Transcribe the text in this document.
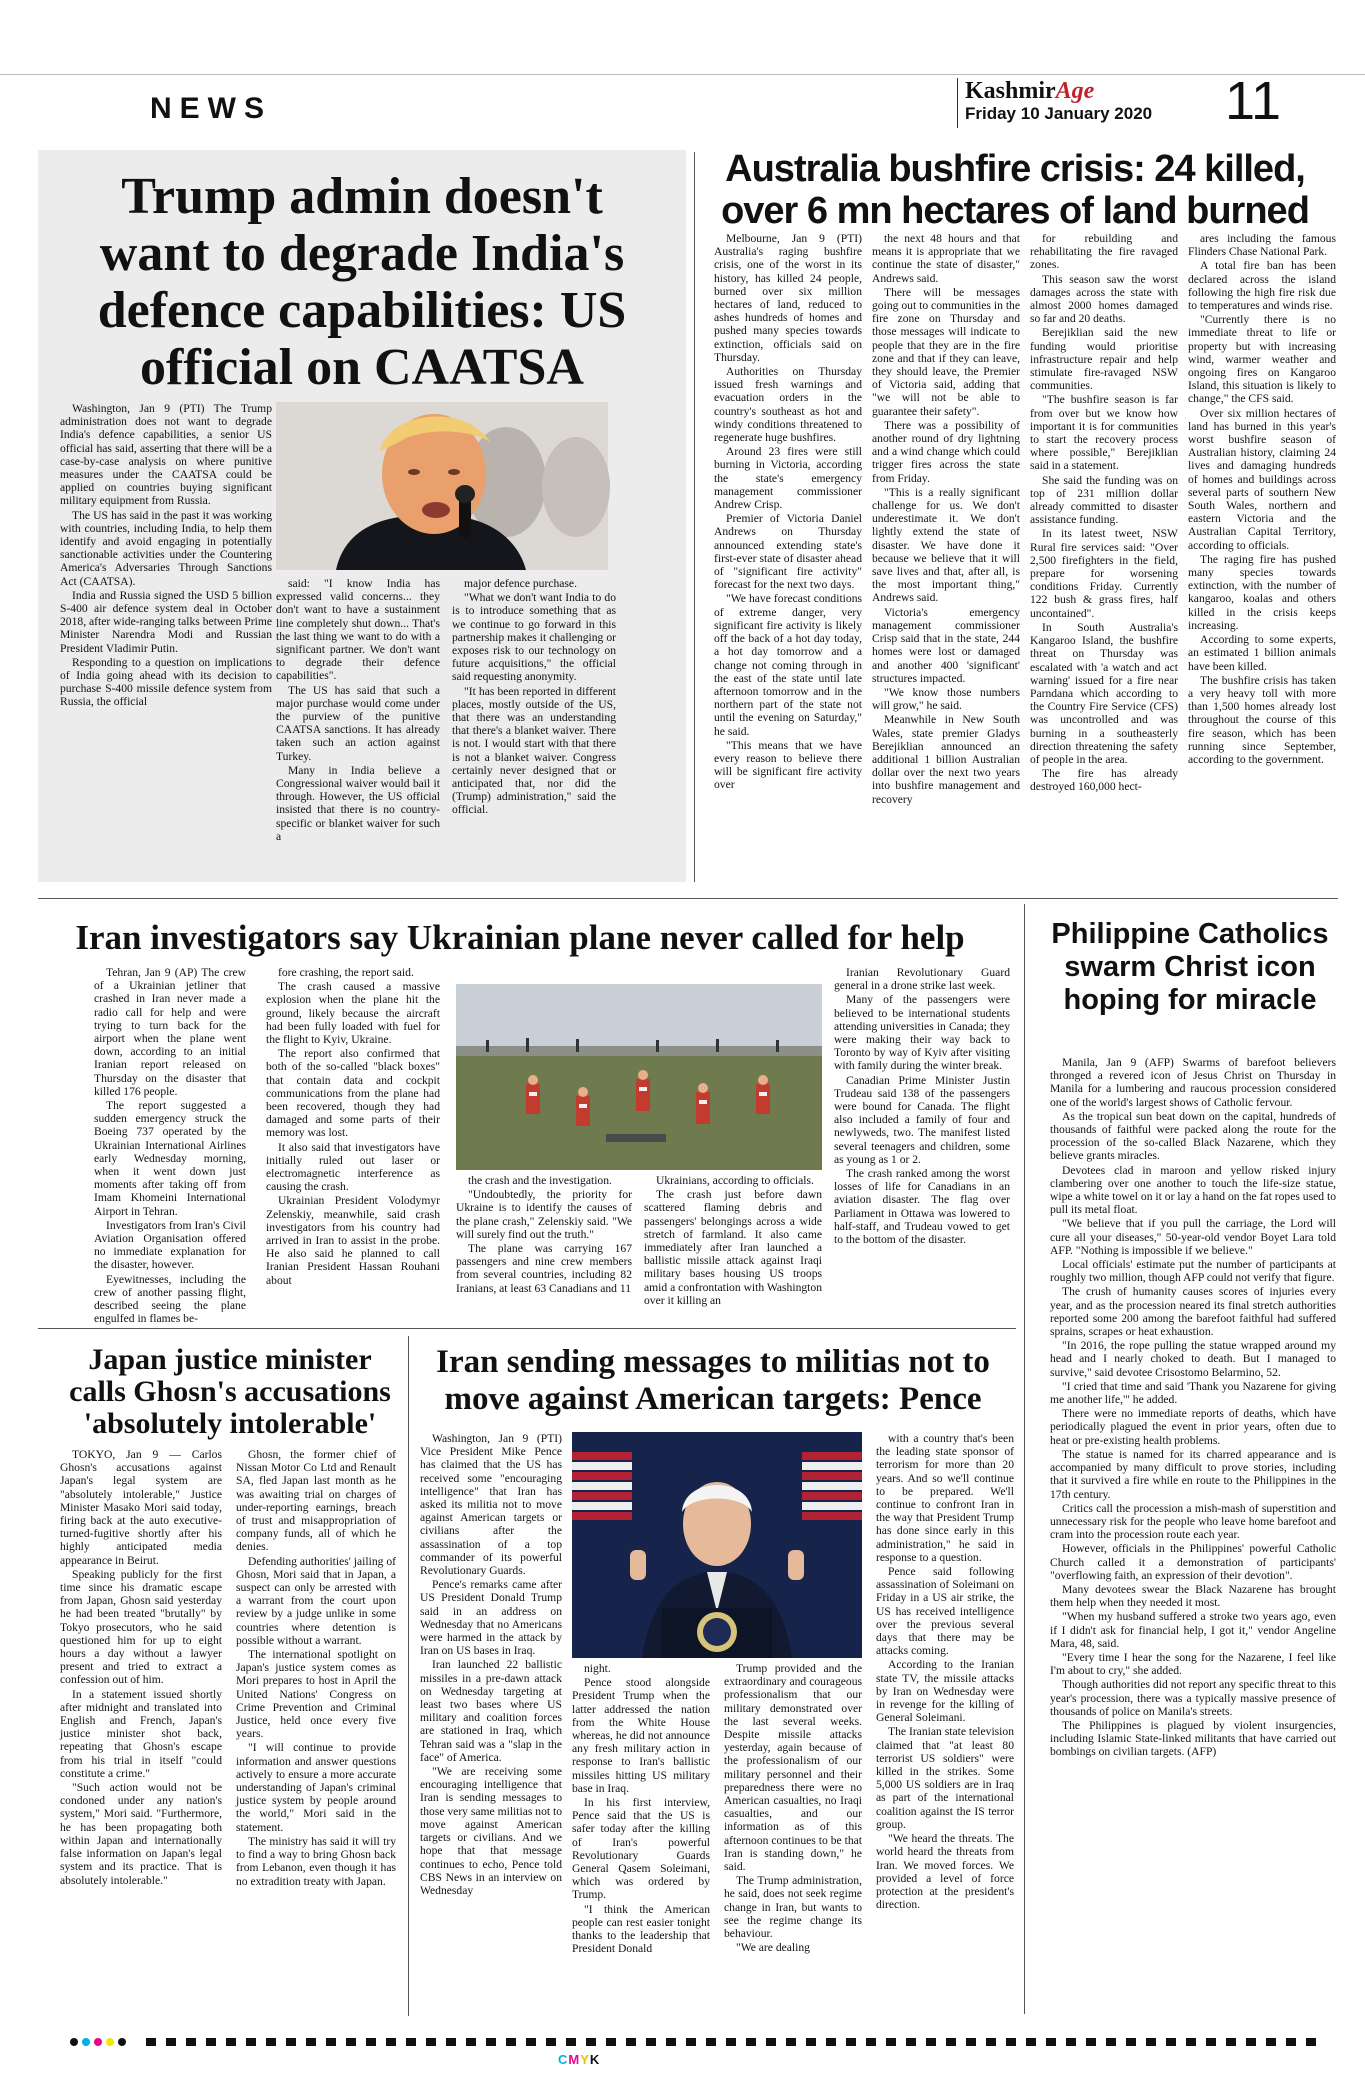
NEWS
KashmirAge
Friday 10 January 2020 11
Trump admin doesn't want to degrade India's defence capabilities: US official on CAATSA

Washington, Jan 9 (PTI) The Trump administration does not want to degrade India's defence capabilities, a senior US official has said, asserting that there will be a case-by-case analysis on where punitive measures under the CAATSA could be applied on countries buying significant military equipment from Russia.

The US has said in the past it was working with countries, including India, to help them identify and avoid engaging in potentially sanctionable activities under the Countering America's Adversaries Through Sanctions Act (CAATSA).

India and Russia signed the USD 5 billion S-400 air defence system deal in October 2018, after wide-ranging talks between Prime Minister Narendra Modi and Russian President Vladimir Putin.

Responding to a question on implications of India going ahead with its decision to purchase S-400 missile defence system from Russia, the official

said: "I know India has expressed valid concerns... they don't want to have a sustainment line completely shut down... That's the last thing we want to do with a significant partner. We don't want to degrade their defence capabilities".

The US has said that such a major purchase would come under the purview of the punitive CAATSA sanctions. It has already taken such an action against Turkey.

Many in India believe a Congressional waiver would bail it through. However, the US official insisted that there is no country-specific or blanket waiver for such a

major defence purchase.

"What we don't want India to do is to introduce something that as we continue to go forward in this partnership makes it challenging or exposes risk to our technology on future acquisitions," the official said requesting anonymity.

"It has been reported in different places, mostly outside of the US, that there was an understanding that there's a blanket waiver. There is not. I would start with that there is not a blanket waiver. Congress certainly never designed that or anticipated that, nor did the (Trump) administration," said the official.

Australia bushfire crisis: 24 killed, over 6 mn hectares of land burned

Melbourne, Jan 9 (PTI) Australia's raging bushfire crisis, one of the worst in its history, has killed 24 people, burned over six million hectares of land, reduced to ashes hundreds of homes and pushed many species towards extinction, officials said on Thursday.

Authorities on Thursday issued fresh warnings and evacuation orders in the country's southeast as hot and windy conditions threatened to regenerate huge bushfires.

Around 23 fires were still burning in Victoria, according the state's emergency management commissioner Andrew Crisp.

Premier of Victoria Daniel Andrews on Thursday announced extending state's first-ever state of disaster ahead of "significant fire activity" forecast for the next two days.

"We have forecast conditions of extreme danger, very significant fire activity is likely off the back of a hot day today, a hot day tomorrow and a change not coming through in the east of the state until late afternoon tomorrow and in the northern part of the state not until the evening on Saturday," he said.

"This means that we have every reason to believe there will be significant fire activity over

the next 48 hours and that means it is appropriate that we continue the state of disaster," Andrews said.

There will be messages going out to communities in the fire zone on Thursday and those messages will indicate to people that they are in the fire zone and that if they can leave, they should leave, the Premier of Victoria said, adding that "we will not be able to guarantee their safety".

There was a possibility of another round of dry lightning and a wind change which could trigger fires across the state from Friday.

"This is a really significant challenge for us. We don't underestimate it. We don't lightly extend the state of disaster. We have done it because we believe that it will save lives and that, after all, is the most important thing," Andrews said.

Victoria's emergency management commissioner Crisp said that in the state, 244 homes were lost or damaged and another 400 'significant' structures impacted.

"We know those numbers will grow," he said.

Meanwhile in New South Wales, state premier Gladys Berejiklian announced an additional 1 billion Australian dollar over the next two years into bushfire management and recovery

for rebuilding and rehabilitating the fire ravaged zones.

This season saw the worst damages across the state with almost 2000 homes damaged so far and 20 deaths.

Berejiklian said the new funding would prioritise infrastructure repair and help stimulate fire-ravaged NSW communities.

"The bushfire season is far from over but we know how important it is for communities to start the recovery process where possible," Berejiklian said in a statement.

She said the funding was on top of 231 million dollar already committed to disaster assistance funding.

In its latest tweet, NSW Rural fire services said: "Over 2,500 firefighters in the field, prepare for worsening conditions Friday. Currently 122 bush & grass fires, half uncontained".

In South Australia's Kangaroo Island, the bushfire threat on Thursday was escalated with 'a watch and act warning' issued for a fire near Parndana which according to the Country Fire Service (CFS) was uncontrolled and was burning in a southeasterly direction threatening the safety of people in the area.

The fire has already destroyed 160,000 hect-

ares including the famous Flinders Chase National Park.

A total fire ban has been declared across the island following the high fire risk due to temperatures and winds rise.

"Currently there is no immediate threat to life or property but with increasing wind, warmer weather and ongoing fires on Kangaroo Island, this situation is likely to change," the CFS said.

Over six million hectares of land has burned in this year's worst bushfire season of Australian history, claiming 24 lives and damaging hundreds of homes and buildings across several parts of southern New South Wales, northern and eastern Victoria and the Australian Capital Territory, according to officials.

The raging fire has pushed many species towards extinction, with the number of kangaroo, koalas and others killed in the crisis keeps increasing.

According to some experts, an estimated 1 billion animals have been killed.

The bushfire crisis has taken a very heavy toll with more than 1,500 homes already lost throughout the course of this fire season, which has been running since September, according to the government.

Iran investigators say Ukrainian plane never called for help

Tehran, Jan 9 (AP) The crew of a Ukrainian jetliner that crashed in Iran never made a radio call for help and were trying to turn back for the airport when the plane went down, according to an initial Iranian report released on Thursday on the disaster that killed 176 people.

The report suggested a sudden emergency struck the Boeing 737 operated by the Ukrainian International Airlines early Wednesday morning, when it went down just moments after taking off from Imam Khomeini International Airport in Tehran.

Investigators from Iran's Civil Aviation Organisation offered no immediate explanation for the disaster, however.

Eyewitnesses, including the crew of another passing flight, described seeing the plane engulfed in flames be-

fore crashing, the report said.

The crash caused a massive explosion when the plane hit the ground, likely because the aircraft had been fully loaded with fuel for the flight to Kyiv, Ukraine.

The report also confirmed that both of the so-called "black boxes" that contain data and cockpit communications from the plane had been recovered, though they had damaged and some parts of their memory was lost.

It also said that investigators have initially ruled out laser or electromagnetic interference as causing the crash.

Ukrainian President Volodymyr Zelenskiy, meanwhile, said crash investigators from his country had arrived in Iran to assist in the probe. He also said he planned to call Iranian President Hassan Rouhani about

the crash and the investigation.

"Undoubtedly, the priority for Ukraine is to identify the causes of the plane crash," Zelenskiy said. "We will surely find out the truth."

The plane was carrying 167 passengers and nine crew members from several countries, including 82 Iranians, at least 63 Canadians and 11

Ukrainians, according to officials.

The crash just before dawn scattered flaming debris and passengers' belongings across a wide stretch of farmland. It also came immediately after Iran launched a ballistic missile attack against Iraqi military bases housing US troops amid a confrontation with Washington over it killing an

Iranian Revolutionary Guard general in a drone strike last week.

Many of the passengers were believed to be international students attending universities in Canada; they were making their way back to Toronto by way of Kyiv after visiting with family during the winter break.

Canadian Prime Minister Justin Trudeau said 138 of the passengers were bound for Canada. The flight also included a family of four and newlyweds, two. The manifest listed several teenagers and children, some as young as 1 or 2.

The crash ranked among the worst losses of life for Canadians in an aviation disaster. The flag over Parliament in Ottawa was lowered to half-staff, and Trudeau vowed to get to the bottom of the disaster.

Philippine Catholics swarm Christ icon hoping for miracle

Manila, Jan 9 (AFP) Swarms of barefoot believers thronged a revered icon of Jesus Christ on Thursday in Manila for a lumbering and raucous procession considered one of the world's largest shows of Catholic fervour.

As the tropical sun beat down on the capital, hundreds of thousands of faithful were packed along the route for the procession of the so-called Black Nazarene, which they believe grants miracles.

Devotees clad in maroon and yellow risked injury clambering over one another to touch the life-size statue, wipe a white towel on it or lay a hand on the fat ropes used to pull its metal float.

"We believe that if you pull the carriage, the Lord will cure all your diseases," 50-year-old vendor Boyet Lara told AFP. "Nothing is impossible if we believe."

Local officials' estimate put the number of participants at roughly two million, though AFP could not verify that figure.

The crush of humanity causes scores of injuries every year, and as the procession neared its final stretch authorities reported some 200 among the barefoot faithful had suffered sprains, scrapes or heat exhaustion.

"In 2016, the rope pulling the statue wrapped around my head and I nearly choked to death. But I managed to survive," said devotee Crisostomo Belarmino, 52.

"I cried that time and said 'Thank you Nazarene for giving me another life,'" he added.

There were no immediate reports of deaths, which have periodically plagued the event in prior years, often due to heat or pre-existing health problems.

The statue is named for its charred appearance and is accompanied by many difficult to prove stories, including that it survived a fire while en route to the Philippines in the 17th century.

Critics call the procession a mish-mash of superstition and unnecessary risk for the people who leave home barefoot and cram into the procession route each year.

However, officials in the Philippines' powerful Catholic Church called it a demonstration of participants' "overflowing faith, an expression of their devotion".

Many devotees swear the Black Nazarene has brought them help when they needed it most.

"When my husband suffered a stroke two years ago, even if I didn't ask for financial help, I got it," vendor Angeline Mara, 48, said.

"Every time I hear the song for the Nazarene, I feel like I'm about to cry," she added.

Though authorities did not report any specific threat to this year's procession, there was a typically massive presence of thousands of police on Manila's streets.

The Philippines is plagued by violent insurgencies, including Islamic State-linked militants that have carried out bombings on civilian targets. (AFP)

Japan justice minister calls Ghosn's accusations 'absolutely intolerable'

TOKYO, Jan 9 — Carlos Ghosn's accusations against Japan's legal system are "absolutely intolerable," Justice Minister Masako Mori said today, firing back at the auto executive-turned-fugitive shortly after his highly anticipated media appearance in Beirut.

Speaking publicly for the first time since his dramatic escape from Japan, Ghosn said yesterday he had been treated "brutally" by Tokyo prosecutors, who he said questioned him for up to eight hours a day without a lawyer present and tried to extract a confession out of him.

In a statement issued shortly after midnight and translated into English and French, Japan's justice minister shot back, repeating that Ghosn's escape from his trial in itself "could constitute a crime."

"Such action would not be condoned under any nation's system," Mori said. "Furthermore, he has been propagating both within Japan and internationally false information on Japan's legal system and its practice. That is absolutely intolerable."

Ghosn, the former chief of Nissan Motor Co Ltd and Renault SA, fled Japan last month as he was awaiting trial on charges of under-reporting earnings, breach of trust and misappropriation of company funds, all of which he denies.

Defending authorities' jailing of Ghosn, Mori said that in Japan, a suspect can only be arrested with a warrant from the court upon review by a judge unlike in some countries where detention is possible without a warrant.

The international spotlight on Japan's justice system comes as Mori prepares to host in April the United Nations' Congress on Crime Prevention and Criminal Justice, held once every five years.

"I will continue to provide information and answer questions actively to ensure a more accurate understanding of Japan's criminal justice system by people around the world," Mori said in the statement.

The ministry has said it will try to find a way to bring Ghosn back from Lebanon, even though it has no extradition treaty with Japan.

Iran sending messages to militias not to move against American targets: Pence

Washington, Jan 9 (PTI) Vice President Mike Pence has claimed that the US has received some "encouraging intelligence" that Iran has asked its militia not to move against American targets or civilians after the assassination of a top commander of its powerful Revolutionary Guards.

Pence's remarks came after US President Donald Trump said in an address on Wednesday that no Americans were harmed in the attack by Iran on US bases in Iraq.

Iran launched 22 ballistic missiles in a pre-dawn attack on Wednesday targeting at least two bases where US military and coalition forces are stationed in Iraq, which Tehran said was a "slap in the face" of America.

"We are receiving some encouraging intelligence that Iran is sending messages to those very same militias not to move against American targets or civilians. And we hope that that message continues to echo, Pence told CBS News in an interview on Wednesday

night.

Pence stood alongside President Trump when the latter addressed the nation from the White House whereas, he did not announce any fresh military action in response to Iran's ballistic missiles hitting US military base in Iraq.

In his first interview, Pence said that the US is safer today after the killing of Iran's powerful Revolutionary Guards General Qasem Soleimani, which was ordered by Trump.

"I think the American people can rest easier tonight thanks to the leadership that President Donald

Trump provided and the extraordinary and courageous professionalism that our military demonstrated over the last several weeks. Despite missile attacks yesterday, again because of the professionalism of our military personnel and their preparedness there were no American casualties, no Iraqi casualties, and our information as of this afternoon continues to be that Iran is standing down," he said.

The Trump administration, he said, does not seek regime change in Iran, but wants to see the regime change its behaviour.

"We are dealing

with a country that's been the leading state sponsor of terrorism for more than 20 years. And so we'll continue to be prepared. We'll continue to confront Iran in the way that President Trump has done since early in this administration," he said in response to a question.

Pence said following assassination of Soleimani on Friday in a US air strike, the US has received intelligence over the previous several days that there may be attacks coming.

According to the Iranian state TV, the missile attacks by Iran on Wednesday were in revenge for the killing of General Soleimani.

The Iranian state television claimed that "at least 80 terrorist US soldiers" were killed in the strikes. Some 5,000 US soldiers are in Iraq as part of the international coalition against the IS terror group.

"We heard the threats. The world heard the threats from Iran. We moved forces. We provided a level of force protection at the president's direction.

CMYK
